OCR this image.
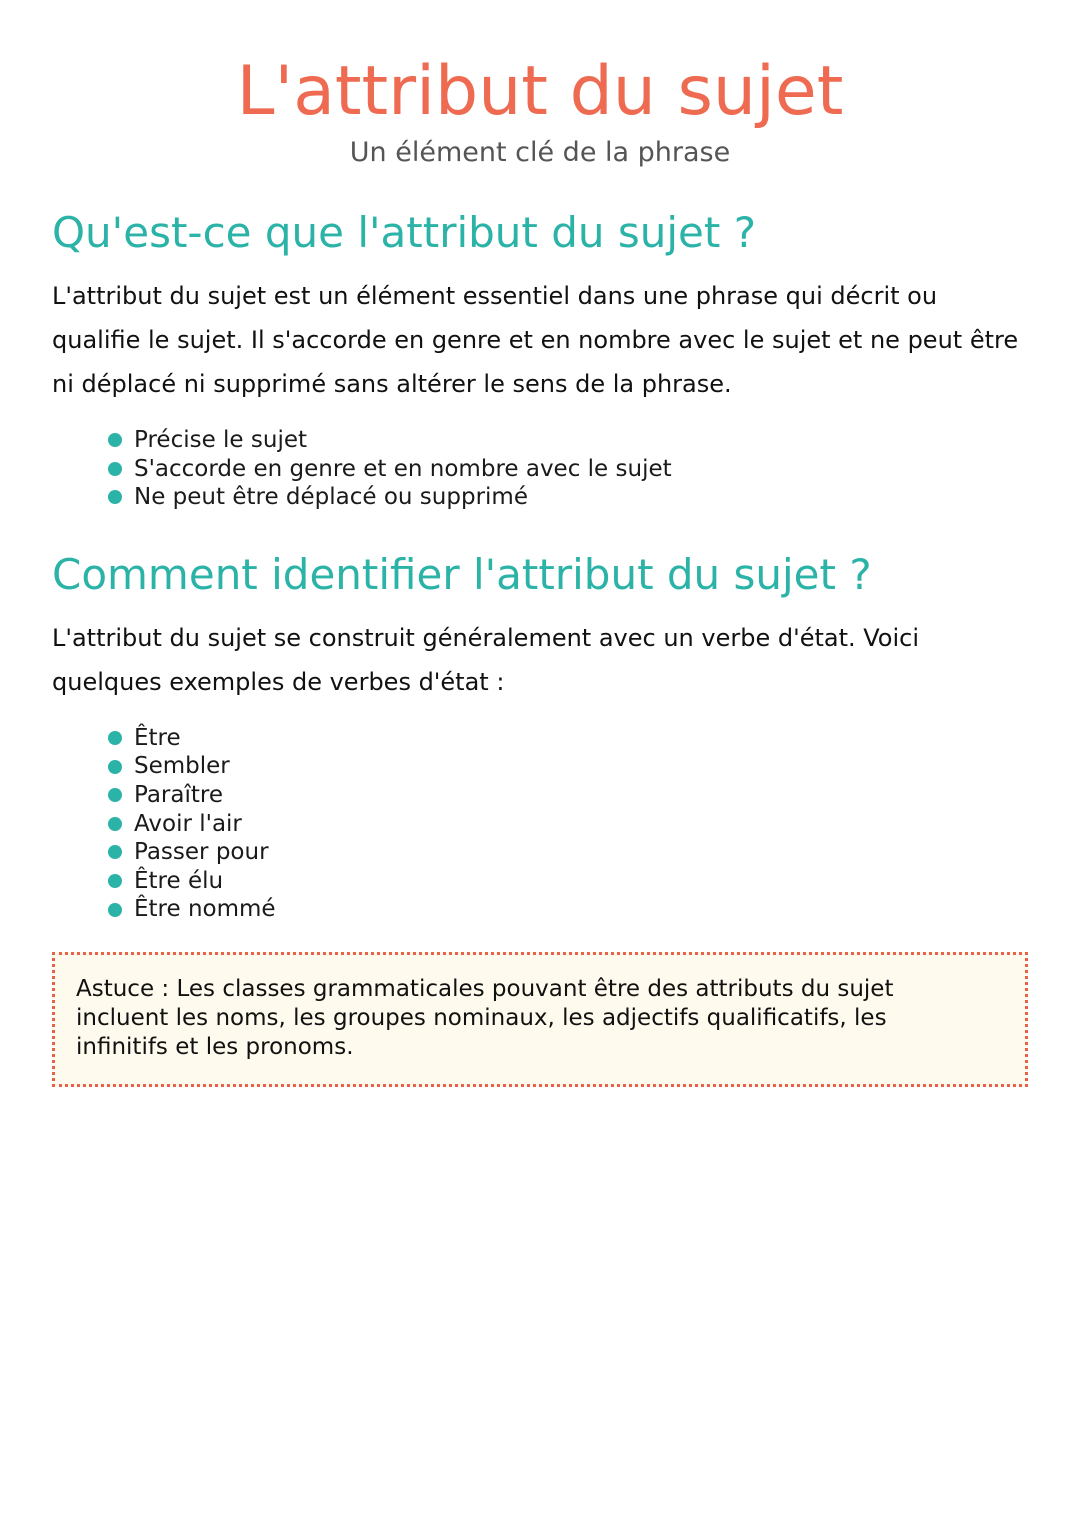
L'attribut du sujet

Un élément clé de la phrase

Qu'est-ce que l'attribut du sujet ?

L'attribut du sujet est un élément essentiel dans une phrase qui décrit ou qualifie le sujet. Il s'accorde en genre et en nombre avec le sujet et ne peut être ni déplacé ni supprimé sans altérer le sens de la phrase.

Précise le sujet
S'accorde en genre et en nombre avec le sujet
Ne peut être déplacé ou supprimé
Comment identifier l'attribut du sujet ?

L'attribut du sujet se construit généralement avec un verbe d'état. Voici quelques exemples de verbes d'état :

Être
Sembler
Paraître
Avoir l'air
Passer pour
Être élu
Être nommé
Astuce : Les classes grammaticales pouvant être des attributs du sujet incluent les noms, les groupes nominaux, les adjectifs qualificatifs, les infinitifs et les pronoms.
